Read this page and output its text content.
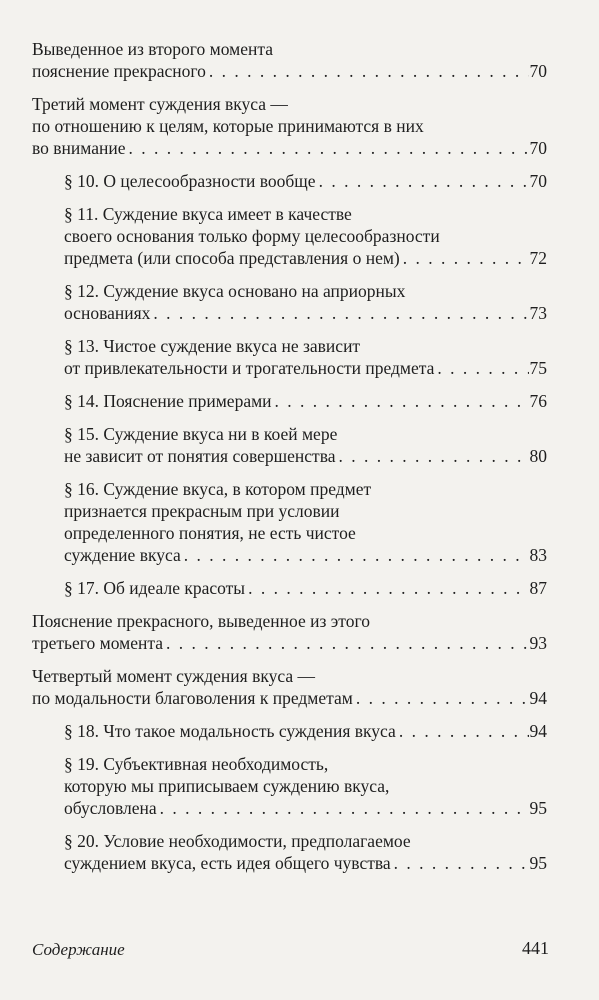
Выведенное из второго момента
пояснение прекрасного . . .	70
Третий момент суждения вкуса —
по отношению к целям, которые принимаются в них
во внимание . . .	70
§ 10. О целесообразности вообще . . .	70
§ 11. Суждение вкуса имеет в качестве
своего основания только форму целесообразности
предмета (или способа представления о нем) . . .	72
§ 12. Суждение вкуса основано на априорных
основаниях . . .	73
§ 13. Чистое суждение вкуса не зависит
от привлекательности и трогательности предмета . . .	75
§ 14. Пояснение примерами . . .	76
§ 15. Суждение вкуса ни в коей мере
не зависит от понятия совершенства . . .	80
§ 16. Суждение вкуса, в котором предмет
признается прекрасным при условии
определенного понятия, не есть чистое
суждение вкуса . . .	83
§ 17. Об идеале красоты . . .	87
Пояснение прекрасного, выведенное из этого
третьего момента . . .	93
Четвертый момент суждения вкуса —
по модальности благоволения к предметам . . .	94
§ 18. Что такое модальность суждения вкуса . . .	94
§ 19. Субъективная необходимость,
которую мы приписываем суждению вкуса,
обусловлена . . .	95
§ 20. Условие необходимости, предполагаемое
суждением вкуса, есть идея общего чувства . . .	95
Содержание	441
